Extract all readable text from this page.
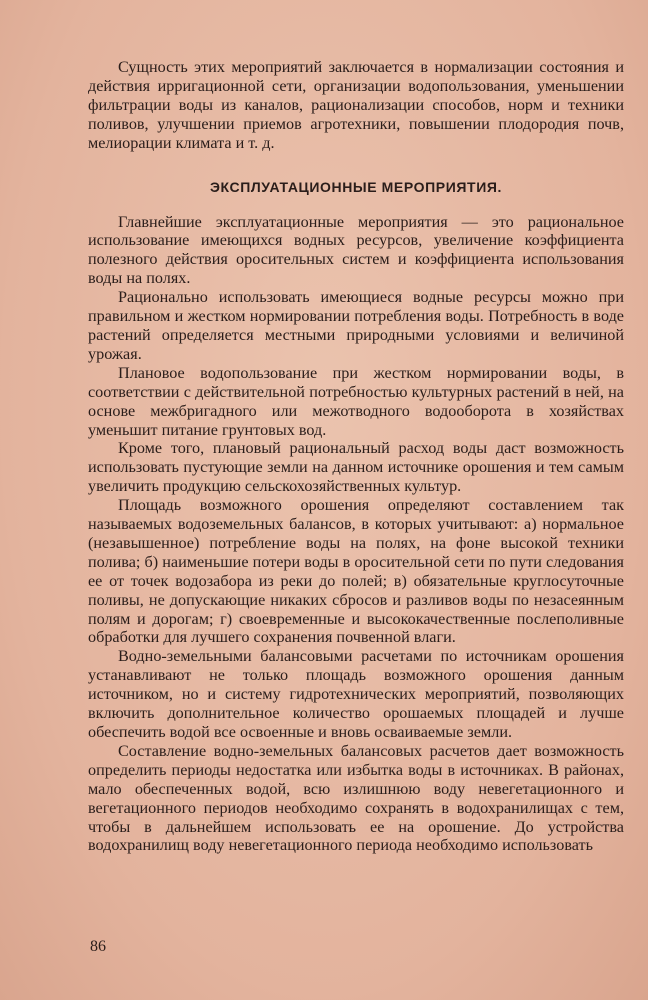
Сущность этих мероприятий заключается в нормализации состояния и действия ирригационной сети, организации водопользования, уменьшении фильтрации воды из каналов, рационализации способов, норм и техники поливов, улучшении приемов агротехники, повышении плодородия почв, мелиорации климата и т. д.

ЭКСПЛУАТАЦИОННЫЕ МЕРОПРИЯТИЯ.

Главнейшие эксплуатационные мероприятия — это рациональное использование имеющихся водных ресурсов, увеличение коэффициента полезного действия оросительных систем и коэффициента использования воды на полях.

Рационально использовать имеющиеся водные ресурсы можно при правильном и жестком нормировании потребления воды. Потребность в воде растений определяется местными природными условиями и величиной урожая.

Плановое водопользование при жестком нормировании воды, в соответствии с действительной потребностью культурных растений в ней, на основе межбригадного или межотводного водооборота в хозяйствах уменьшит питание грунтовых вод.

Кроме того, плановый рациональный расход воды даст возможность использовать пустующие земли на данном источнике орошения и тем самым увеличить продукцию сельскохозяйственных культур.

Площадь возможного орошения определяют составлением так называемых водоземельных балансов, в которых учитывают: а) нормальное (незавышенное) потребление воды на полях, на фоне высокой техники полива; б) наименьшие потери воды в оросительной сети по пути следования ее от точек водозабора из реки до полей; в) обязательные круглосуточные поливы, не допускающие никаких сбросов и разливов воды по незасеянным полям и дорогам; г) своевременные и высококачественные послеполивные обработки для лучшего сохранения почвенной влаги.

Водно-земельными балансовыми расчетами по источникам орошения устанавливают не только площадь возможного орошения данным источником, но и систему гидротехнических мероприятий, позволяющих включить дополнительное количество орошаемых площадей и лучше обеспечить водой все освоенные и вновь осваиваемые земли.

Составление водно-земельных балансовых расчетов дает возможность определить периоды недостатка или избытка воды в источниках. В районах, мало обеспеченных водой, всю излишнюю воду невегетационного и вегетационного периодов необходимо сохранять в водохранилищах с тем, чтобы в дальнейшем использовать ее на орошение. До устройства водохранилищ воду невегетационного периода необходимо использовать

86
